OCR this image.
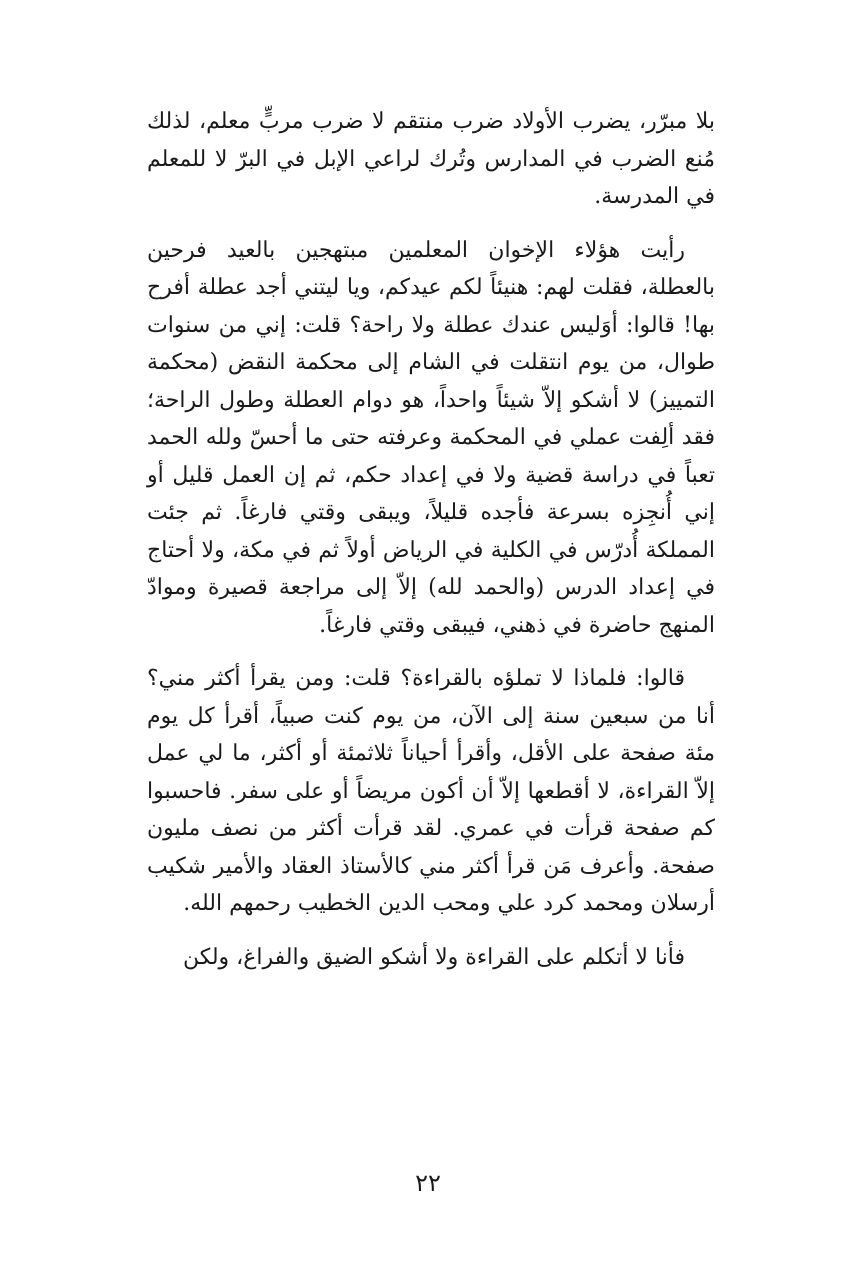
بلا مبرّر، يضرب الأولاد ضرب منتقم لا ضرب مربٍّ معلم، لذلك مُنع الضرب في المدارس وتُرك لراعي الإبل في البرّ لا للمعلم في المدرسة.

رأيت هؤلاء الإخوان المعلمين مبتهجين بالعيد فرحين بالعطلة، فقلت لهم: هنيئاً لكم عيدكم، ويا ليتني أجد عطلة أفرح بها! قالوا: أوَليس عندك عطلة ولا راحة؟ قلت: إني من سنوات طوال، من يوم انتقلت في الشام إلى محكمة النقض (محكمة التمييز) لا أشكو إلاّ شيئاً واحداً، هو دوام العطلة وطول الراحة؛ فقد ألِفت عملي في المحكمة وعرفته حتى ما أحسّ ولله الحمد تعباً في دراسة قضية ولا في إعداد حكم، ثم إن العمل قليل أو إني أُنجِزه بسرعة فأجده قليلاً، ويبقى وقتي فارغاً. ثم جئت المملكة أُدرّس في الكلية في الرياض أولاً ثم في مكة، ولا أحتاج في إعداد الدرس (والحمد لله) إلاّ إلى مراجعة قصيرة وموادّ المنهج حاضرة في ذهني، فيبقى وقتي فارغاً.

قالوا: فلماذا لا تملؤه بالقراءة؟ قلت: ومن يقرأ أكثر مني؟ أنا من سبعين سنة إلى الآن، من يوم كنت صبياً، أقرأ كل يوم مئة صفحة على الأقل، وأقرأ أحياناً ثلاثمئة أو أكثر، ما لي عمل إلاّ القراءة، لا أقطعها إلاّ أن أكون مريضاً أو على سفر. فاحسبوا كم صفحة قرأت في عمري. لقد قرأت أكثر من نصف مليون صفحة. وأعرف مَن قرأ أكثر مني كالأستاذ العقاد والأمير شكيب أرسلان ومحمد كرد علي ومحب الدين الخطيب رحمهم الله.

فأنا لا أتكلم على القراءة ولا أشكو الضيق والفراغ، ولكن

٢٢
